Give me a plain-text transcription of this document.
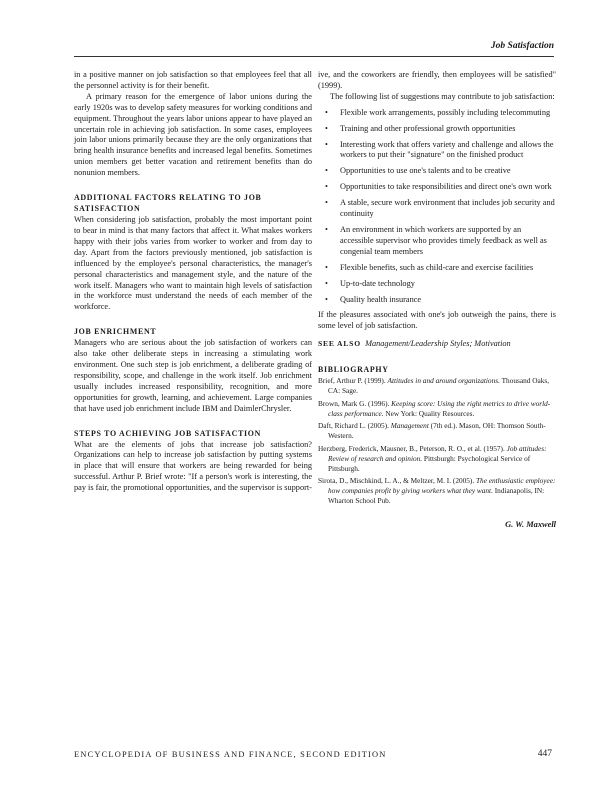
Job Satisfaction

in a positive manner on job satisfaction so that employees feel that all the personnel activity is for their benefit.

A primary reason for the emergence of labor unions during the early 1920s was to develop safety measures for working conditions and equipment. Throughout the years labor unions appear to have played an uncertain role in achieving job satisfaction. In some cases, employees join labor unions primarily because they are the only organizations that bring health insurance benefits and increased legal benefits. Sometimes union members get better vacation and retirement benefits than do nonunion members.

ADDITIONAL FACTORS RELATING TO JOB SATISFACTION

When considering job satisfaction, probably the most important point to bear in mind is that many factors that affect it. What makes workers happy with their jobs varies from worker to worker and from day to day. Apart from the factors previously mentioned, job satisfaction is influenced by the employee's personal characteristics, the manager's personal characteristics and management style, and the nature of the work itself. Managers who want to maintain high levels of satisfaction in the workforce must understand the needs of each member of the workforce.

JOB ENRICHMENT

Managers who are serious about the job satisfaction of workers can also take other deliberate steps in increasing a stimulating work environment. One such step is job enrichment, a deliberate grading of responsibility, scope, and challenge in the work itself. Job enrichment usually includes increased responsibility, recognition, and more opportunities for growth, learning, and achievement. Large companies that have used job enrichment include IBM and DaimlerChrysler.

STEPS TO ACHIEVING JOB SATISFACTION

What are the elements of jobs that increase job satisfaction? Organizations can help to increase job satisfaction by putting systems in place that will ensure that workers are being rewarded for being successful. Arthur P. Brief wrote: "If a person's work is interesting, the pay is fair, the promotional opportunities, and the supervisor is support-

ive, and the coworkers are friendly, then employees will be satisfied" (1999).

The following list of suggestions may contribute to job satisfaction:

• Flexible work arrangements, possibly including telecommuting
• Training and other professional growth opportunities
• Interesting work that offers variety and challenge and allows the workers to put their "signature" on the finished product
• Opportunities to use one's talents and to be creative
• Opportunities to take responsibilities and direct one's own work
• A stable, secure work environment that includes job security and continuity
• An environment in which workers are supported by an accessible supervisor who provides timely feedback as well as congenial team members
• Flexible benefits, such as child-care and exercise facilities
• Up-to-date technology
• Quality health insurance

If the pleasures associated with one's job outweigh the pains, there is some level of job satisfaction.

SEE ALSO Management/Leadership Styles; Motivation

BIBLIOGRAPHY
Brief, Arthur P. (1999). Attitudes in and around organizations. Thousand Oaks, CA: Sage.
Brown, Mark G. (1996). Keeping score: Using the right metrics to drive world-class performance. New York: Quality Resources.
Daft, Richard L. (2005). Management (7th ed.). Mason, OH: Thomson South-Western.
Herzberg, Frederick, Mausner, B., Peterson, R. O., et al. (1957). Job attitudes: Review of research and opinion. Pittsburgh: Psychological Service of Pittsburgh.
Sirota, D., Mischkind, L. A., & Meltzer, M. I. (2005). The enthusiastic employee: how companies profit by giving workers what they want. Indianapolis, IN: Wharton School Pub.
G. W. Maxwell
ENCYCLOPEDIA OF BUSINESS AND FINANCE, SECOND EDITION	447
